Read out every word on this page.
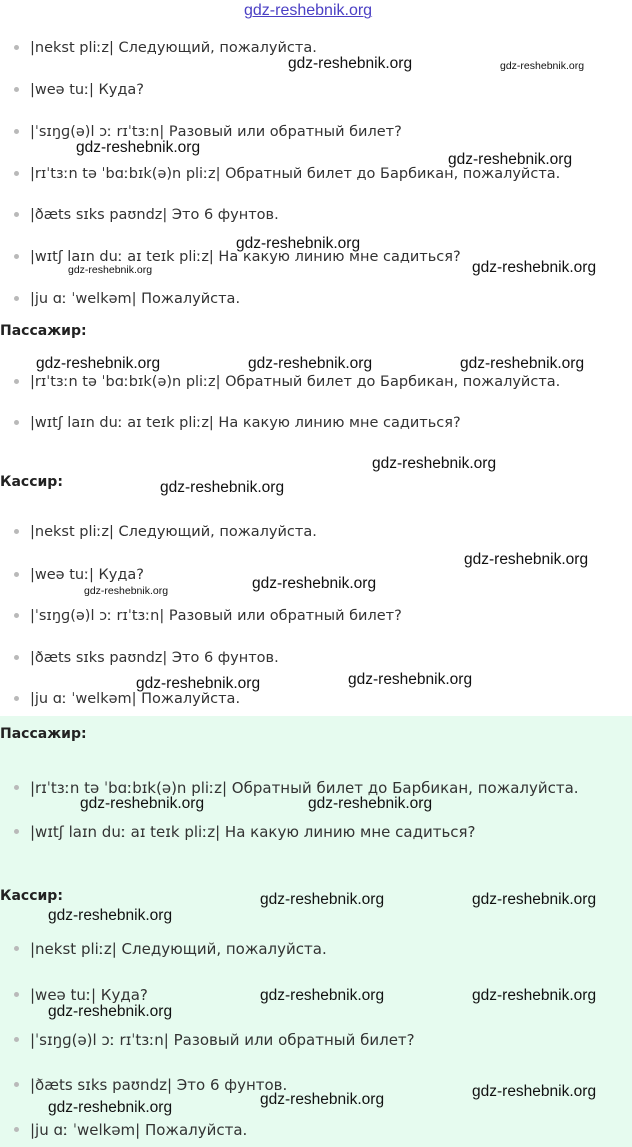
|nekst pliːz| Следующий, пожалуйста.
|weə tuː| Куда?
|ˈsɪŋɡ(ə)l ɔː rɪˈtɜːn| Разовый или обратный билет?
|rɪˈtɜːn tə ˈbɑːbɪk(ə)n pliːz| Обратный билет до Барбикан, пожалуйста.
|ðæts sɪks paʊndz| Это 6 фунтов.
|wɪtʃ laɪn duː aɪ teɪk pliːz| На какую линию мне садиться?
|ju ɑː ˈwelkəm| Пожалуйста.
Пассажир:
|rɪˈtɜːn tə ˈbɑːbɪk(ə)n pliːz| Обратный билет до Барбикан, пожалуйста.
|wɪtʃ laɪn duː aɪ teɪk pliːz| На какую линию мне садиться?
Кассир:
|nekst pliːz| Следующий, пожалуйста.
|weə tuː| Куда?
|ˈsɪŋɡ(ə)l ɔː rɪˈtɜːn| Разовый или обратный билет?
|ðæts sɪks paʊndz| Это 6 фунтов.
|ju ɑː ˈwelkəm| Пожалуйста.
Пассажир:
|rɪˈtɜːn tə ˈbɑːbɪk(ə)n pliːz| Обратный билет до Барбикан, пожалуйста.
|wɪtʃ laɪn duː aɪ teɪk pliːz| На какую линию мне садиться?
Кассир:
|nekst pliːz| Следующий, пожалуйста.
|weə tuː| Куда?
|ˈsɪŋɡ(ə)l ɔː rɪˈtɜːn| Разовый или обратный билет?
|ðæts sɪks paʊndz| Это 6 фунтов.
|ju ɑː ˈwelkəm| Пожалуйста.
gdz-reshebnik.org
gdz-reshebnik.org	gdz-reshebnik.org
gdz-reshebnik.org
gdz-reshebnik.org
gdz-reshebnik.org
gdz-reshebnik.org	gdz-reshebnik.org
gdz-reshebnik.org	gdz-reshebnik.org	gdz-reshebnik.org
gdz-reshebnik.org
gdz-reshebnik.org
gdz-reshebnik.org
gdz-reshebnik.org
gdz-reshebnik.org
gdz-reshebnik.org	gdz-reshebnik.org
gdz-reshebnik.org	gdz-reshebnik.org
gdz-reshebnik.org	gdz-reshebnik.org
gdz-reshebnik.org
gdz-reshebnik.org	gdz-reshebnik.org
gdz-reshebnik.org
gdz-reshebnik.org
gdz-reshebnik.org
gdz-reshebnik.org
